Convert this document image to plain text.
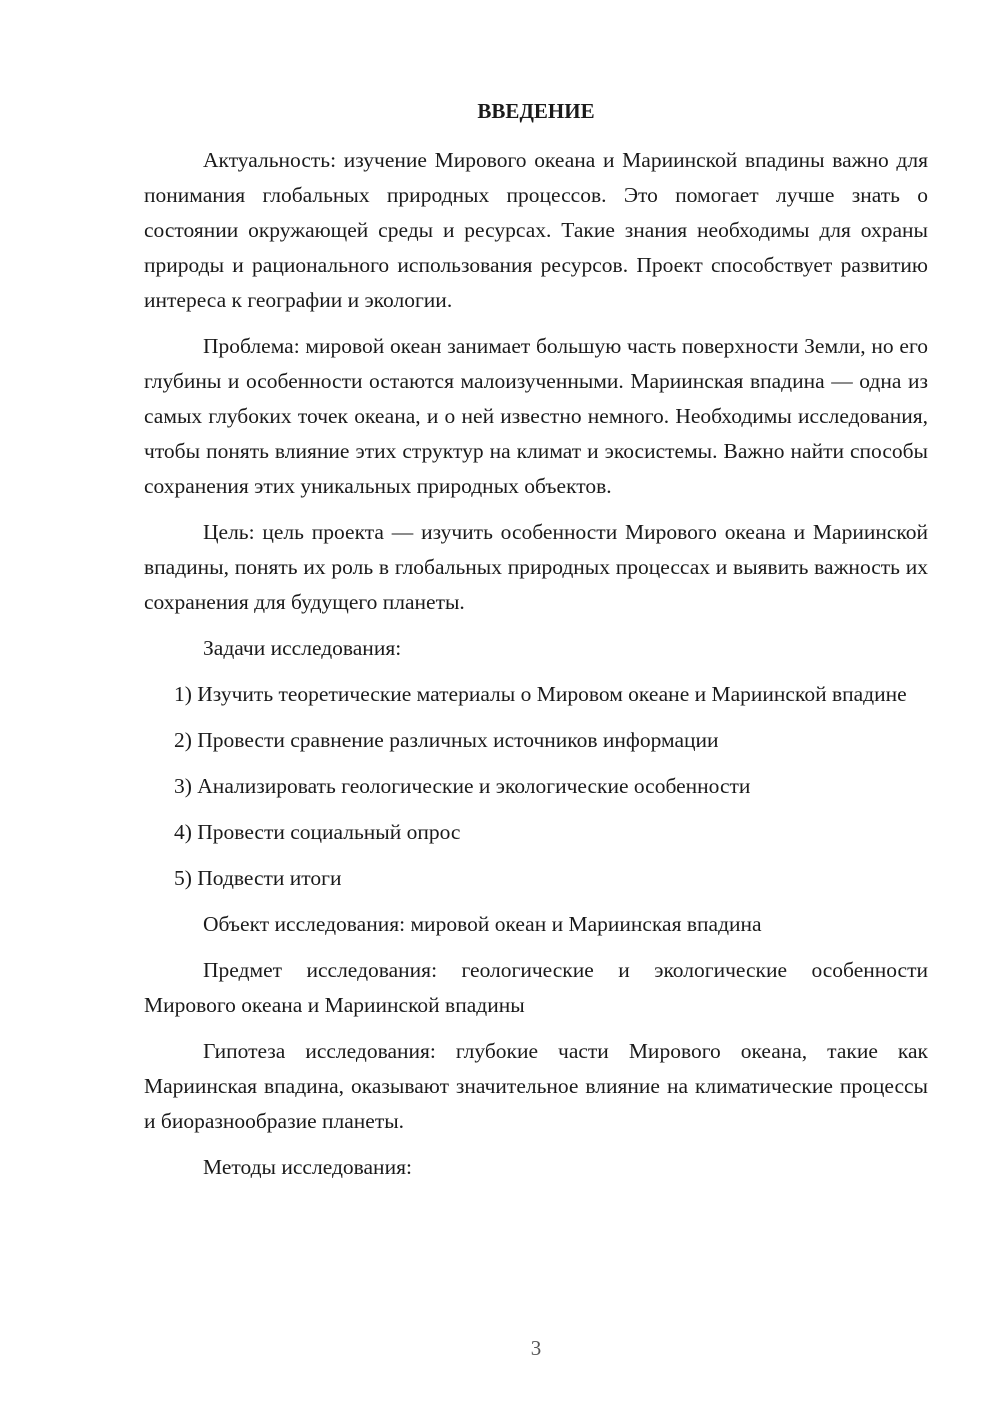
ВВЕДЕНИЕ

Актуальность: изучение Мирового океана и Мариинской впадины важно для понимания глобальных природных процессов. Это помогает лучше знать о состоянии окружающей среды и ресурсах. Такие знания необходимы для охраны природы и рационального использования ресурсов. Проект способствует развитию интереса к географии и экологии.

Проблема: мировой океан занимает большую часть поверхности Земли, но его глубины и особенности остаются малоизученными. Мариинская впадина — одна из самых глубоких точек океана, и о ней известно немного. Необходимы исследования, чтобы понять влияние этих структур на климат и экосистемы. Важно найти способы сохранения этих уникальных природных объектов.

Цель: цель проекта — изучить особенности Мирового океана и Мариинской впадины, понять их роль в глобальных природных процессах и выявить важность их сохранения для будущего планеты.

Задачи исследования:

1) Изучить теоретические материалы о Мировом океане и Мариинской впадине

2) Провести сравнение различных источников информации

3) Анализировать геологические и экологические особенности

4) Провести социальный опрос

5) Подвести итоги

Объект исследования: мировой океан и Мариинская впадина

Предмет исследования: геологические и экологические особенности Мирового океана и Мариинской впадины

Гипотеза исследования: глубокие части Мирового океана, такие как Мариинская впадина, оказывают значительное влияние на климатические процессы и биоразнообразие планеты.

Методы исследования:

3
